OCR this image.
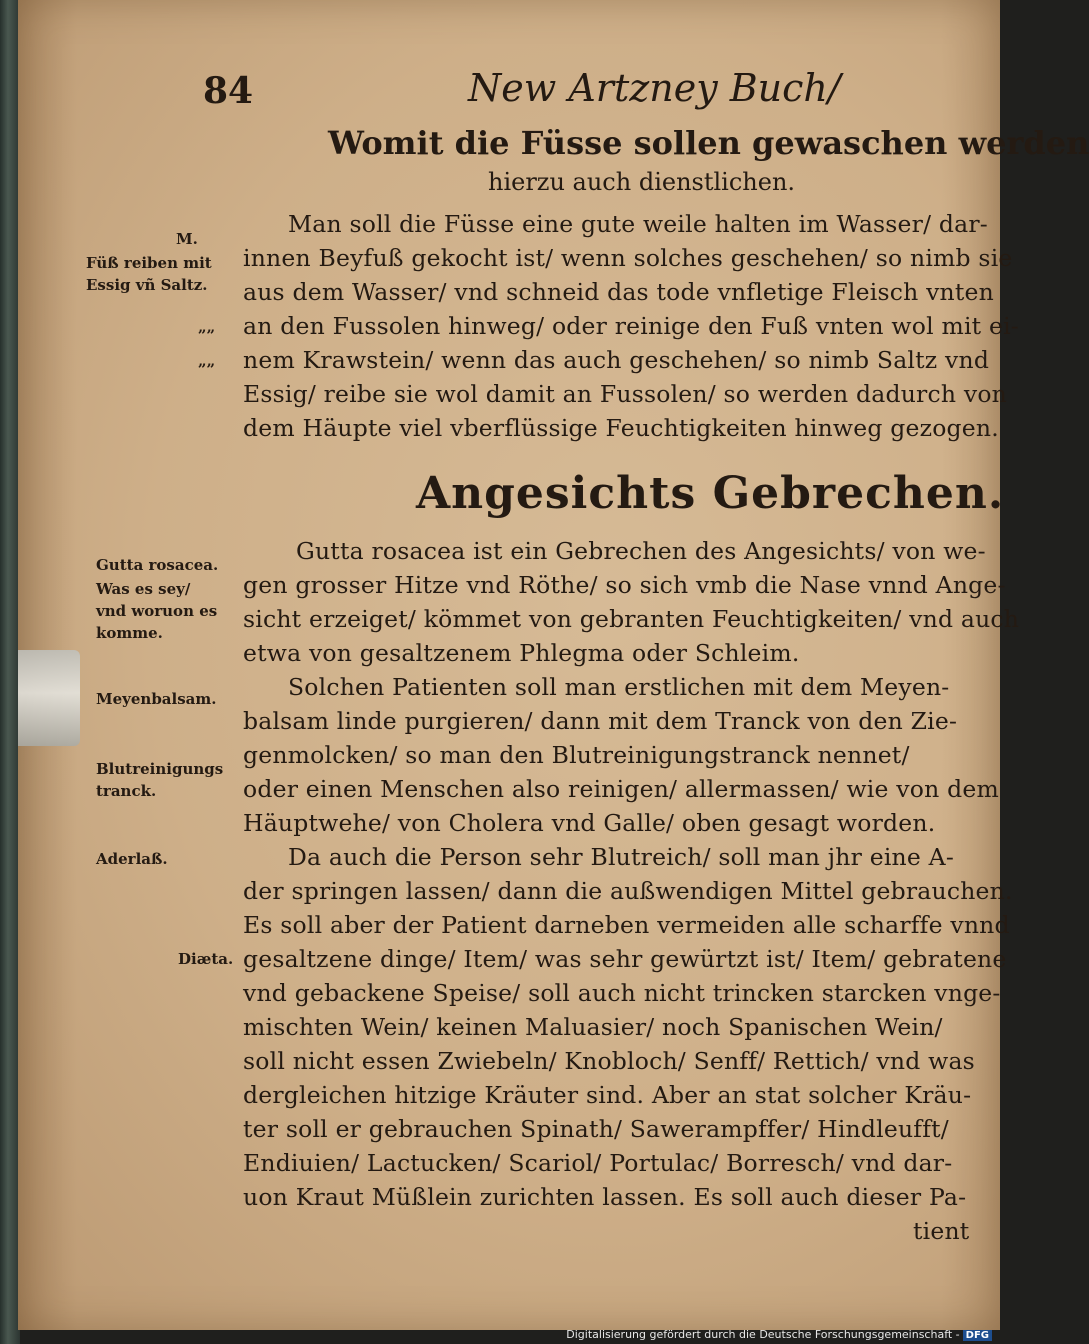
84	New Artzney Buch/
Womit die Füsse sollen gewaschen werden
hierzu auch dienstlichen.
M.
Füß reiben mit
Essig vñ Saltz.
„„
„„
Man soll die Füsse eine gute weile halten im Wasser/ dar-
innen Beyfuß gekocht ist/ wenn solches geschehen/ so nimb sie
aus dem Wasser/ vnd schneid das tode vnfletige Fleisch vnten
an den Fussolen hinweg/ oder reinige den Fuß vnten wol mit ei-
nem Krawstein/ wenn das auch geschehen/ so nimb Saltz vnd
Essig/ reibe sie wol damit an Fussolen/ so werden dadurch von
dem Häupte viel vberflüssige Feuchtigkeiten hinweg gezogen.
Angesichts Gebrechen.
Gutta rosacea.
Was es sey/
vnd woruon es
komme.
Meyenbalsam.
Blutreinigungs
tranck.
Aderlaß.
Diæta.
Gutta rosacea ist ein Gebrechen des Angesichts/ von we-
gen grosser Hitze vnd Röthe/ so sich vmb die Nase vnnd Ange-
sicht erzeiget/ kömmet von gebranten Feuchtigkeiten/ vnd auch
etwa von gesaltzenem Phlegma oder Schleim.
Solchen Patienten soll man erstlichen mit dem Meyen-
balsam linde purgieren/ dann mit dem Tranck von den Zie-
genmolcken/ so man den Blutreinigungstranck nennet/
oder einen Menschen also reinigen/ allermassen/ wie von dem
Häuptwehe/ von Cholera vnd Galle/ oben gesagt worden.
Da auch die Person sehr Blutreich/ soll man jhr eine A-
der springen lassen/ dann die außwendigen Mittel gebrauchen.
Es soll aber der Patient darneben vermeiden alle scharffe vnnd
gesaltzene dinge/ Item/ was sehr gewürtzt ist/ Item/ gebratene
vnd gebackene Speise/ soll auch nicht trincken starcken vnge-
mischten Wein/ keinen Maluasier/ noch Spanischen Wein/
soll nicht essen Zwiebeln/ Knobloch/ Senff/ Rettich/ vnd was
dergleichen hitzige Kräuter sind. Aber an stat solcher Kräu-
ter soll er gebrauchen Spinath/ Sawerampffer/ Hindleufft/
Endiuien/ Lactucken/ Scariol/ Portulac/ Borresch/ vnd dar-
uon Kraut Müßlein zurichten lassen. Es soll auch dieser Pa-
tient
Digitalisierung gefördert durch die Deutsche Forschungsgemeinschaft - DFG
